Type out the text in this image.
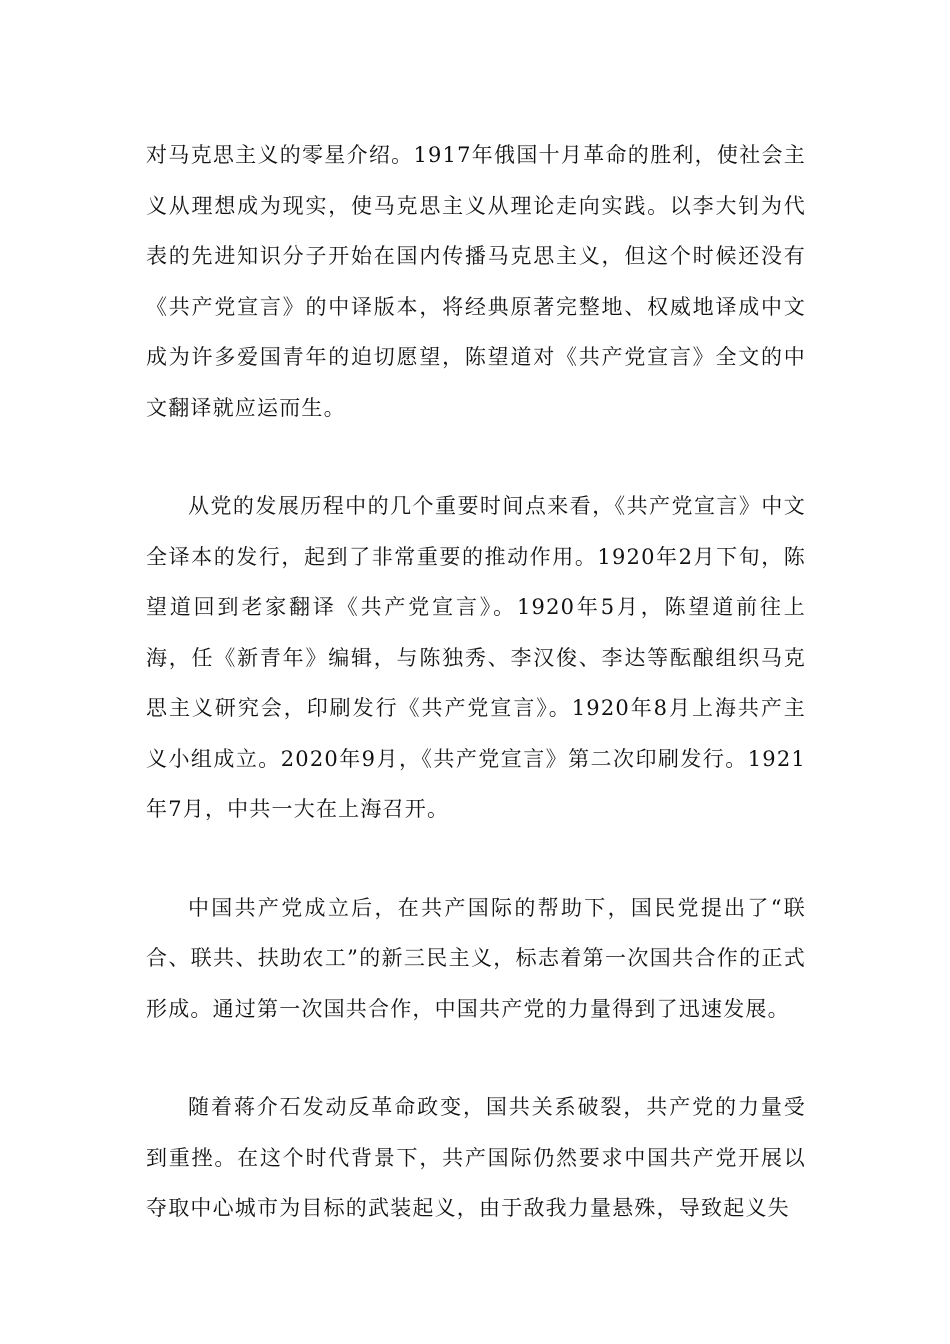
对马克思主义的零星介绍。1917年俄国十月革命的胜利，使社会主义从理想成为现实，使马克思主义从理论走向实践。以李大钊为代表的先进知识分子开始在国内传播马克思主义，但这个时候还没有《共产党宣言》的中译版本，将经典原著完整地、权威地译成中文成为许多爱国青年的迫切愿望，陈望道对《共产党宣言》全文的中文翻译就应运而生。

从党的发展历程中的几个重要时间点来看，《共产党宣言》中文全译本的发行，起到了非常重要的推动作用。1920年2月下旬，陈望道回到老家翻译《共产党宣言》。1920年5月，陈望道前往上海，任《新青年》编辑，与陈独秀、李汉俊、李达等酝酿组织马克思主义研究会，印刷发行《共产党宣言》。1920年8月上海共产主义小组成立。2020年9月，《共产党宣言》第二次印刷发行。1921年7月，中共一大在上海召开。

中国共产党成立后，在共产国际的帮助下，国民党提出了“联合、联共、扶助农工”的新三民主义，标志着第一次国共合作的正式形成。通过第一次国共合作，中国共产党的力量得到了迅速发展。

随着蒋介石发动反革命政变，国共关系破裂，共产党的力量受到重挫。在这个时代背景下，共产国际仍然要求中国共产党开展以夺取中心城市为目标的武装起义，由于敌我力量悬殊，导致起义失
